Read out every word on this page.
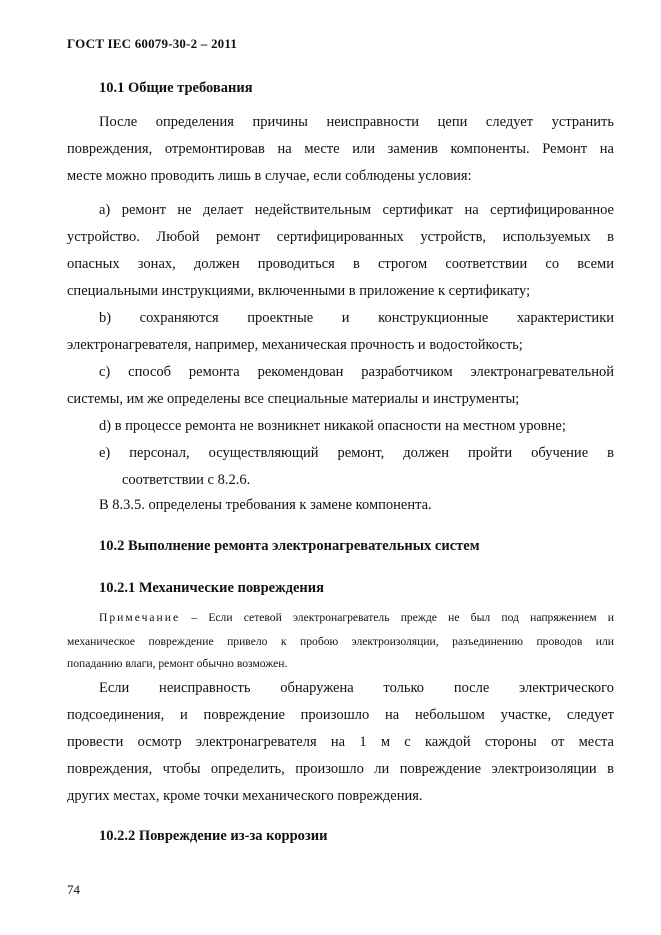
ГОСТ IEC 60079-30-2 – 2011

10.1 Общие требования

После определения причины неисправности цепи следует устранить

повреждения, отремонтировав на месте или заменив компоненты. Ремонт на

месте можно проводить лишь в случае, если соблюдены условия:

а) ремонт не делает недействительным сертификат на сертифицированное

устройство. Любой ремонт сертифицированных устройств, используемых в

опасных зонах, должен проводиться в строгом соответствии со всеми

специальными инструкциями, включенными в приложение к сертификату;

b) сохраняются проектные и конструкционные характеристики

электронагревателя, например, механическая прочность и водостойкость;

с) способ ремонта рекомендован разработчиком электронагревательной

системы, им же определены все специальные материалы и инструменты;

d) в процессе ремонта не возникнет никакой опасности на местном уровне;

е) персонал, осуществляющий ремонт, должен пройти обучение в

соответствии с 8.2.6.

В 8.3.5. определены требования к замене компонента.

10.2 Выполнение ремонта электронагревательных систем

10.2.1 Механические повреждения

Примечание – Если сетевой электронагреватель прежде не был под напряжением и

механическое повреждение привело к пробою электроизоляции, разъединению проводов или

попаданию влаги, ремонт обычно возможен.

Если неисправность обнаружена только после электрического

подсоединения, и повреждение произошло на небольшом участке, следует

провести осмотр электронагревателя на 1 м с каждой стороны от места

повреждения, чтобы определить, произошло ли повреждение электроизоляции в

других местах, кроме точки механического повреждения.

10.2.2 Повреждение из-за коррозии

74
